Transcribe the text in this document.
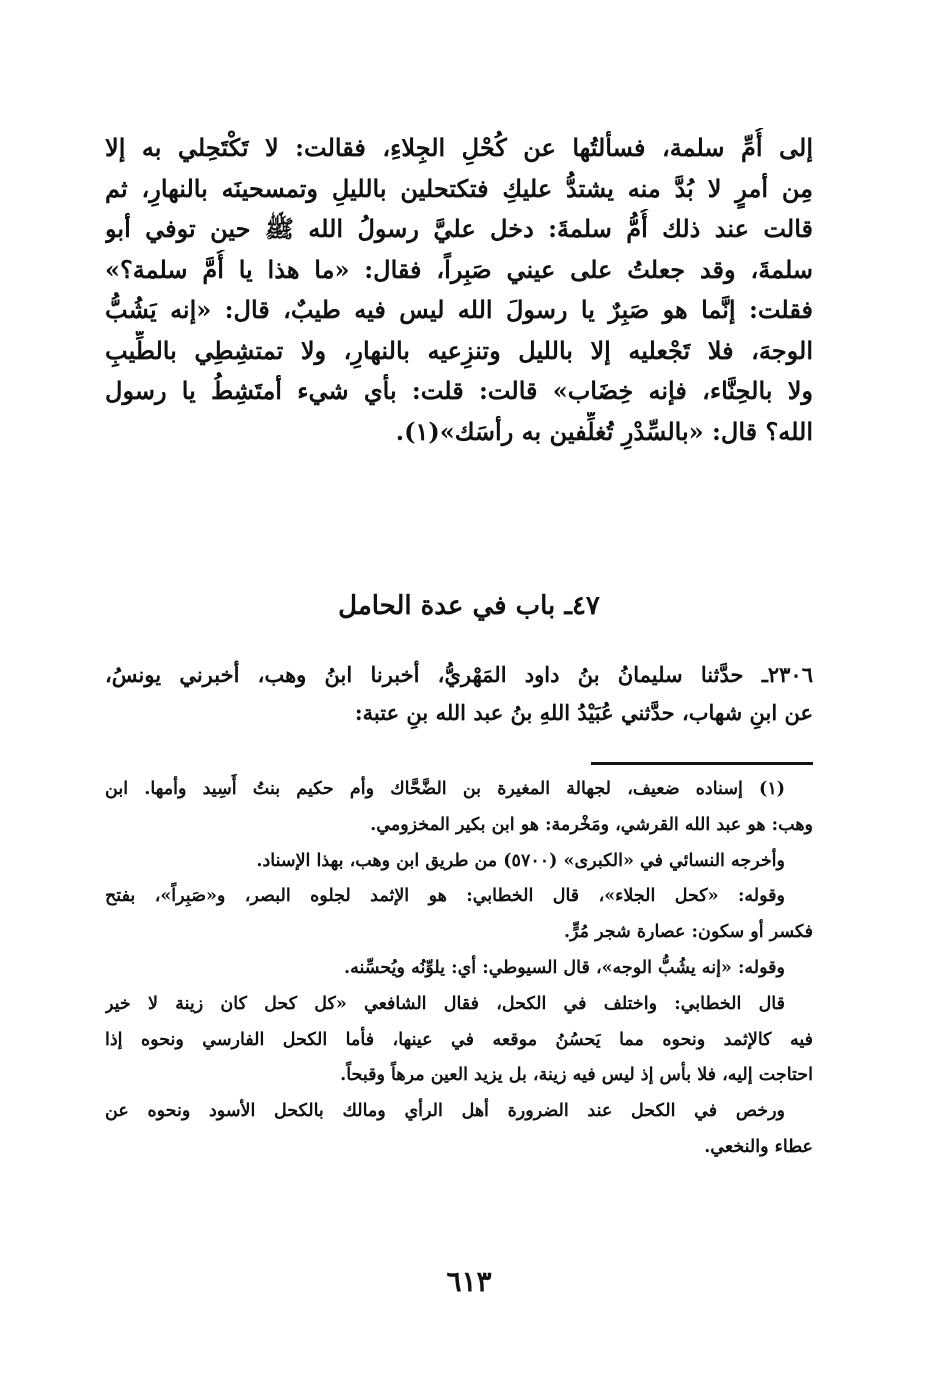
إلى أُمِّ سلمة، فسألتُها عن كُحْلِ الجِلاءِ، فقالت: لا تَكْتَحِلي به إلا
مِن أمرٍ لا بُدَّ منه يشتدُّ عليكِ فتكتحلين بالليلِ وتمسحينَه بالنهارِ، ثم
قالت عند ذلك أُمُّ سلمةَ: دخل عليَّ رسولُ الله ﷺ حين توفي أبو
سلمةَ، وقد جعلتُ على عيني صَبِراً، فقال: «ما هذا يا أُمَّ سلمة؟»
فقلت: إنَّما هو صَبِرٌ يا رسولَ الله ليس فيه طيبٌ، قال: «إنه يَشُبُّ
الوجهَ، فلا تَجْعليه إلا بالليل وتنزِعيه بالنهارِ، ولا تمتشِطِي بالطِّيبِ
ولا بالحِنَّاء، فإنه خِضَاب» قالت: قلت: بأي شيء أمتَشِطُ يا رسول
الله؟ قال: «بالسِّدْرِ تُغلِّفين به رأسَك»(١).
٤٧ـ باب في عدة الحامل
٢٣٠٦ـ حدَّثنا سليمانُ بنُ داود المَهْريُّ، أخبرنا ابنُ وهب، أخبرني يونسُ،
عن ابنِ شهاب، حدَّثني عُبَيْدُ اللهِ بنُ عبد الله بنِ عتبة:
(١) إسناده ضعيف، لجهالة المغيرة بن الضَّحَّاك وأم حكيم بنتُ أَسِيد وأمها. ابن
وهب: هو عبد الله القرشي، ومَخْرمة: هو ابن بكير المخزومي.
وأخرجه النسائي في «الكبرى» (٥٧٠٠) من طريق ابن وهب، بهذا الإسناد.
وقوله: «كحل الجلاء»، قال الخطابي: هو الإثمد لجلوه البصر، و«صَبِراً»، بفتح
فكسر أو سكون: عصارة شجر مُرٍّ.
وقوله: «إنه يشُبُّ الوجه»، قال السيوطي: أي: يلوِّنُه ويُحسِّنه.
قال الخطابي: واختلف في الكحل، فقال الشافعي «كل كحل كان زينة لا خير
فيه كالإثمد ونحوه مما يَحسُنُ موقعه في عينها، فأما الكحل الفارسي ونحوه إذا
احتاجت إليه، فلا بأس إذ ليس فيه زينة، بل يزيد العين مرهاً وقبحاً.
ورخص في الكحل عند الضرورة أهل الرأي ومالك بالكحل الأسود ونحوه عن
عطاء والنخعي.
٦١٣
